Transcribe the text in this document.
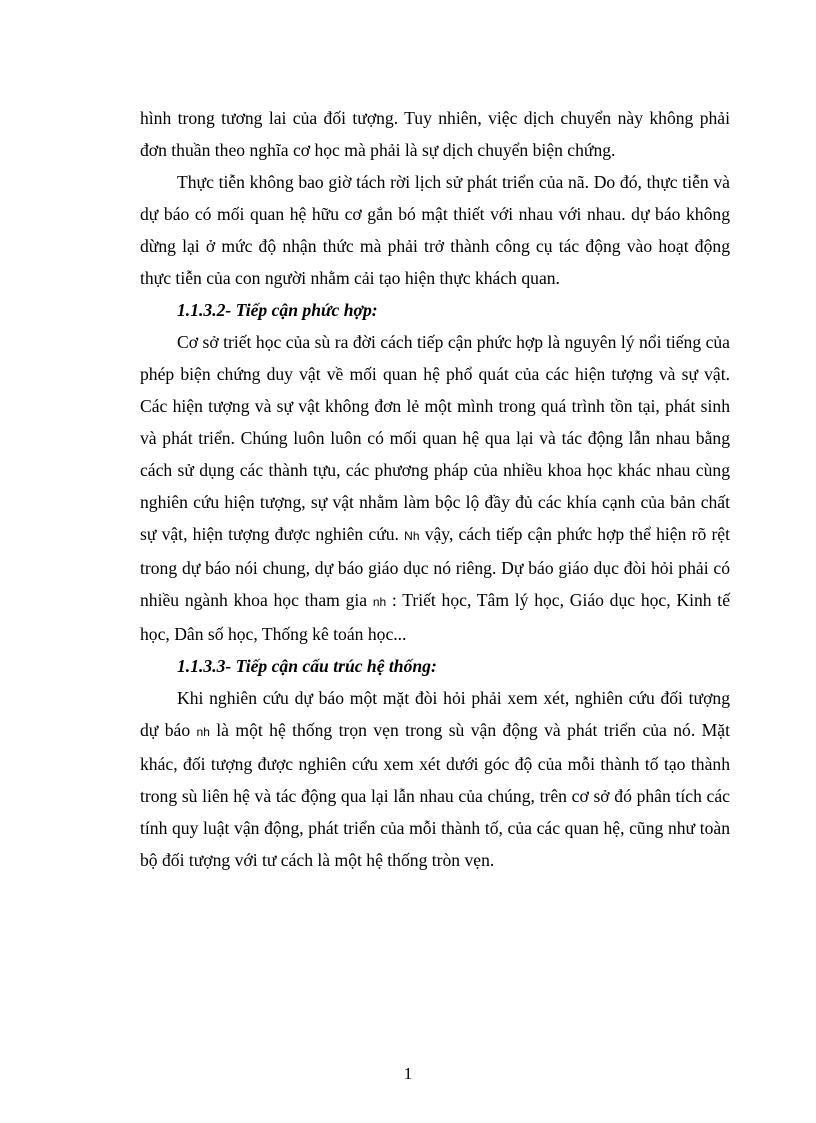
hình trong tương lai của đối tượng. Tuy nhiên, việc dịch chuyển này không phải đơn thuần theo nghĩa cơ học mà phải là sự dịch chuyển biện chứng.

Thực tiễn không bao giờ tách rời lịch sử phát triển của nã. Do đó, thực tiễn và dự báo có mối quan hệ hữu cơ gắn bó mật thiết với nhau với nhau. dự báo không dừng lại ở mức độ nhận thức mà phải trở thành công cụ tác động vào hoạt động thực tiễn của con người nhằm cải tạo hiện thực khách quan.

1.1.3.2- Tiếp cận phức hợp:

Cơ sở triết học của sù ra đời cách tiếp cận phức hợp là nguyên lý nổi tiếng của phép biện chứng duy vật về mối quan hệ phổ quát của các hiện tượng và sự vật. Các hiện tượng và sự vật không đơn lẻ một mình trong quá trình tồn tại, phát sinh và phát triển. Chúng luôn luôn có mối quan hệ qua lại và tác động lẫn nhau bằng cách sử dụng các thành tựu, các phương pháp của nhiều khoa học khác nhau cùng nghiên cứu hiện tượng, sự vật nhằm làm bộc lộ đầy đủ các khía cạnh của bản chất sự vật, hiện tượng được nghiên cứu. Nh vậy, cách tiếp cận phức hợp thể hiện rõ rệt trong dự báo nói chung, dự báo giáo dục nó riêng. Dự báo giáo dục đòi hỏi phải có nhiều ngành khoa học tham gia nh : Triết học, Tâm lý học, Giáo dục học, Kinh tế học, Dân số học, Thống kê toán học...

1.1.3.3- Tiếp cận cấu trúc hệ thống:

Khi nghiên cứu dự báo một mặt đòi hỏi phải xem xét, nghiên cứu đối tượng dự báo nh là một hệ thống trọn vẹn trong sù vận động và phát triển của nó. Mặt khác, đối tượng được nghiên cứu xem xét dưới góc độ của mỗi thành tố tạo thành trong sù liên hệ và tác động qua lại lẫn nhau của chúng, trên cơ sở đó phân tích các tính quy luật vận động, phát triển của mỗi thành tố, của các quan hệ, cũng như toàn bộ đối tượng với tư cách là một hệ thống tròn vẹn.

1
